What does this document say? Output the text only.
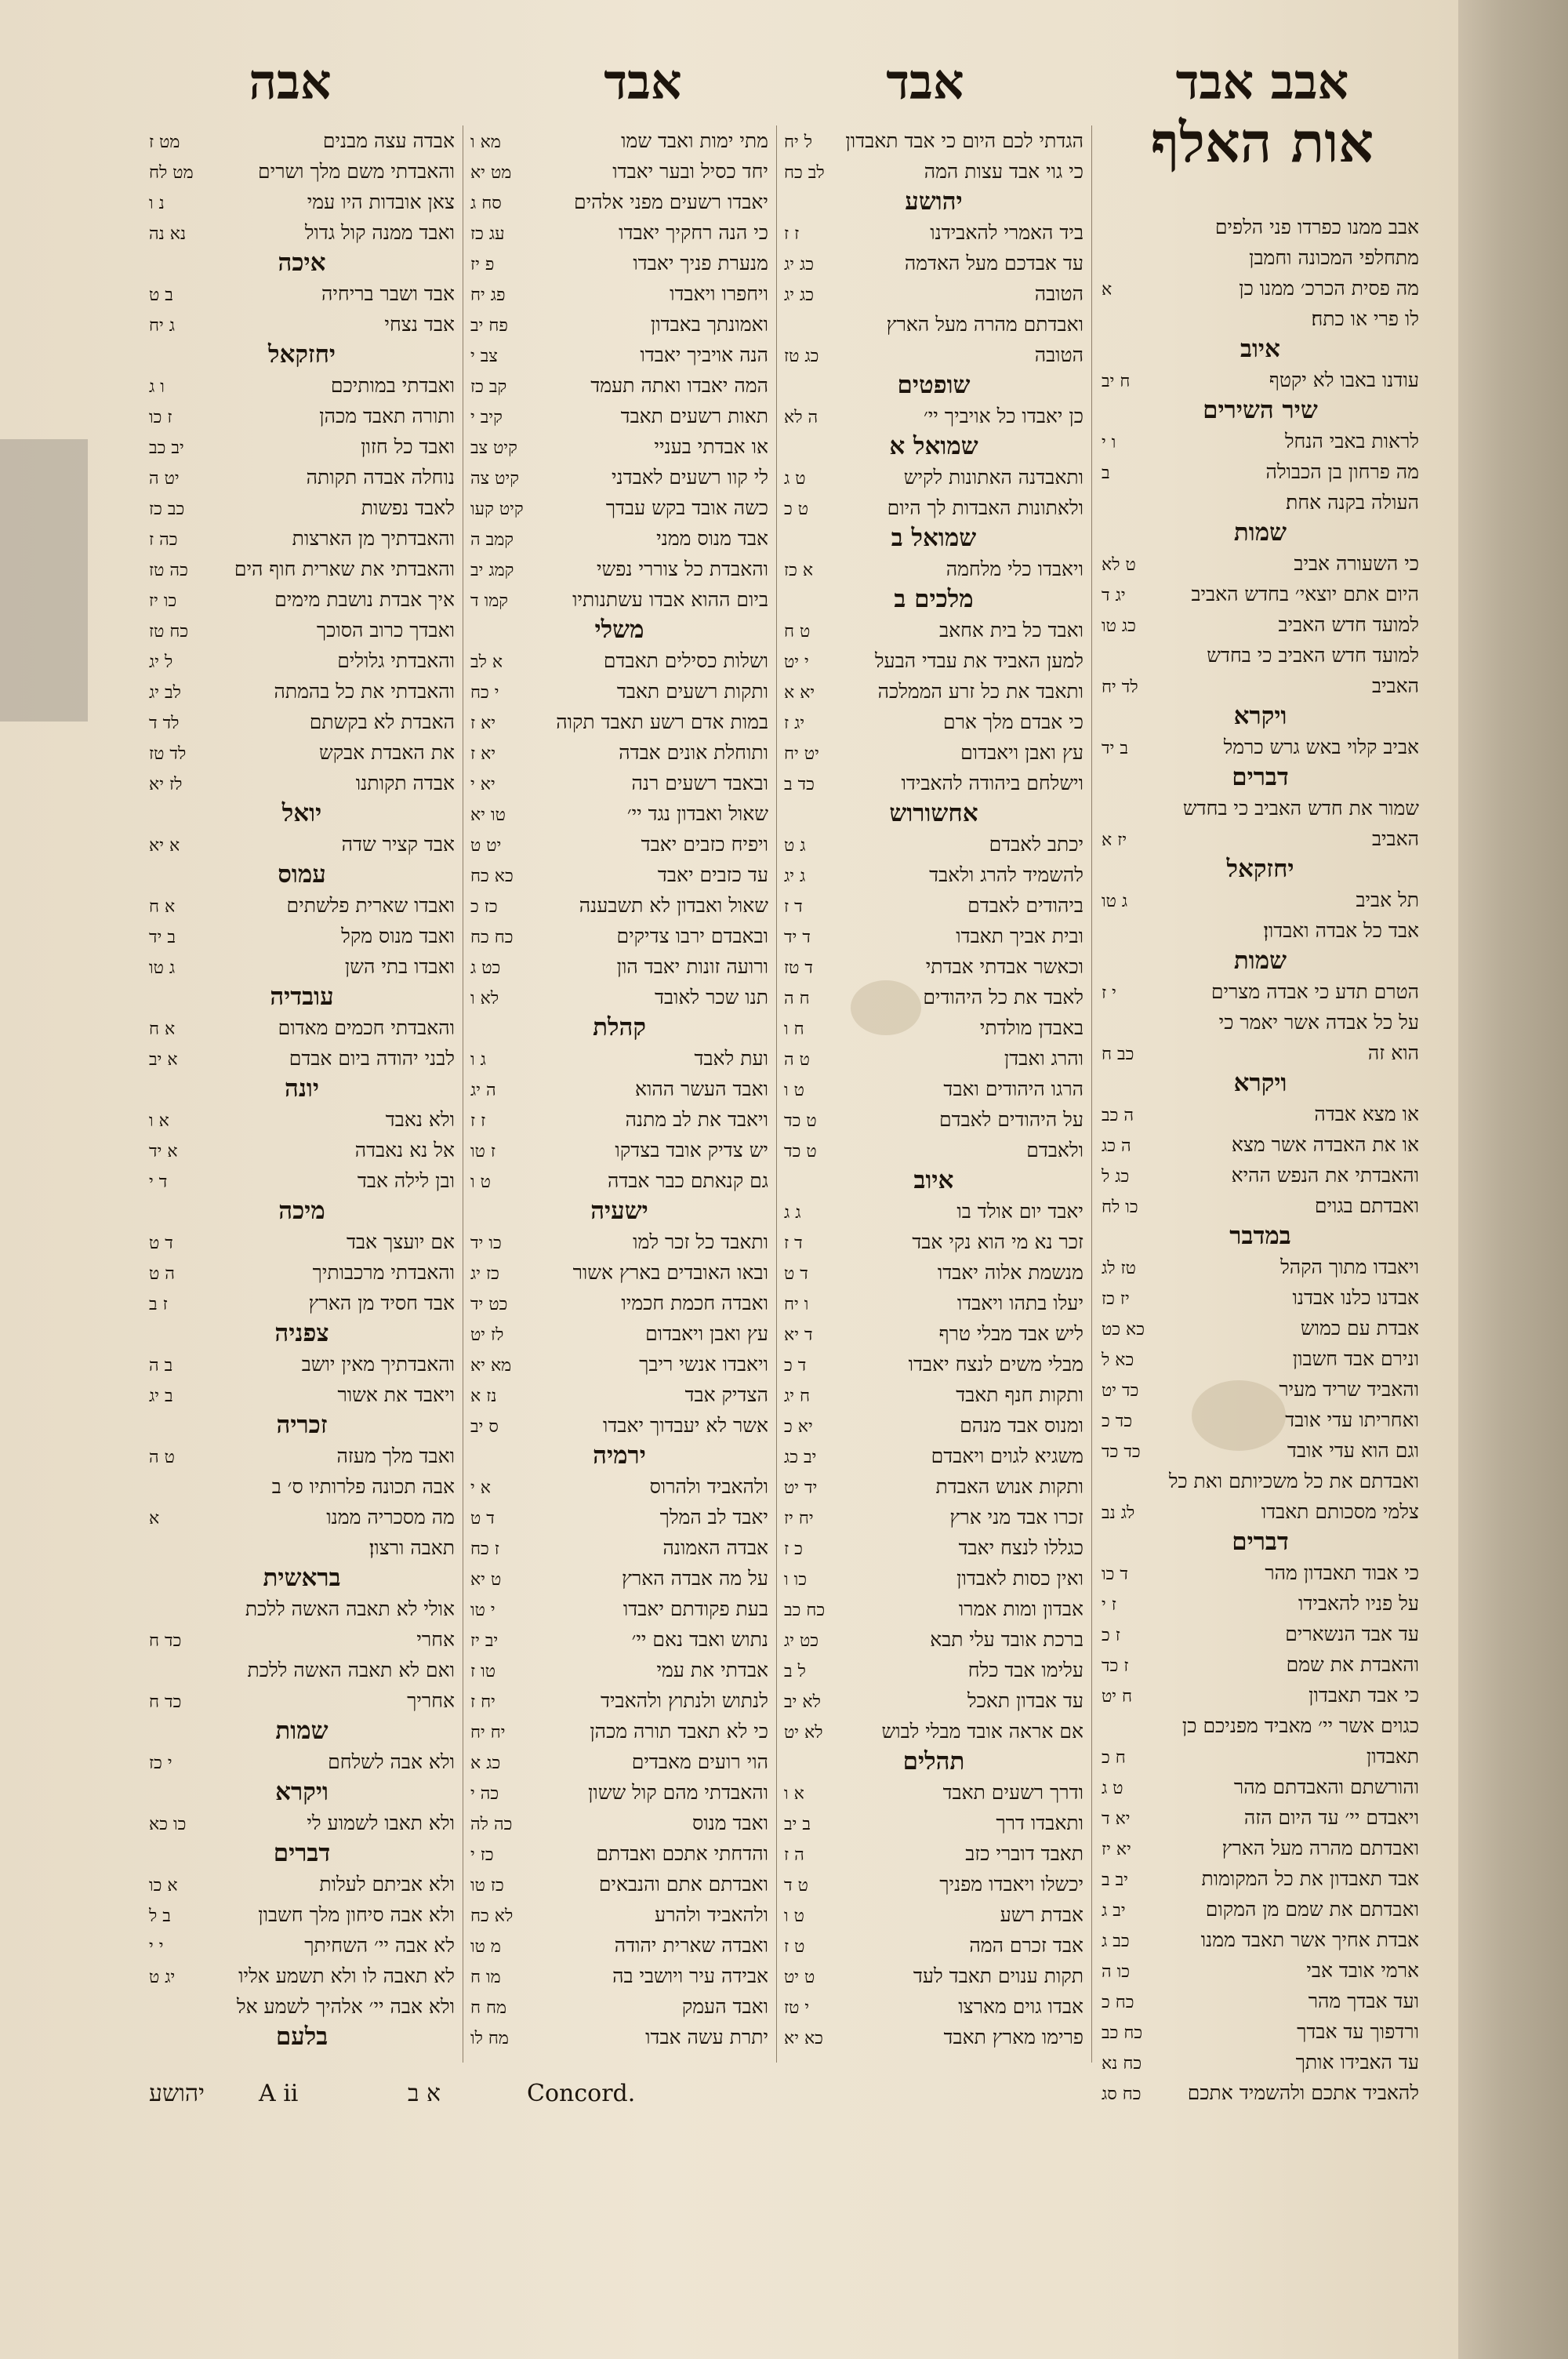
אבב אבד
אבד
אבד
אבה
אות האלף
אבב ממנו כפרדו פני הלפים
מתחלפי המכונה וחמבן
מה פסית הכרכ׳ ממנו כן
א
לו פרי או כתח׃
איוב
עודנו באבו לא יקטף
ח יב
שיר השירים
לראות באבי הנחל
ו י
מה פרחון בן הכבולה
ב
העולה בקנה אחת׃
שמות
כי השעורה אביב
ט לא
היום אתם יוצאי׳ בחדש האביב
יג ד
למועד חדש האביב
כג טו
למועד חדש האביב כי בחדש
האביב
לד יח
ויקרא
אביב קלוי באש גרש כרמל
ב יד
דברים
שמור את חדש האביב כי בחדש
האביב
יז א
יחזקאל
תל אביב
ג טו
אבד כל אבדה ואבדון׃
שמות
הטרם תדע כי אבדה מצרים
י ז
על כל אבדה אשר יאמר כי
הוא זה
כב ח
ויקרא
או מצא אבדה
ה כב
או את האבדה אשר מצא
ה כג
והאבדתי את הנפש ההיא
כג ל
ואבדתם בגוים
כו לח
במדבר
ויאבדו מתוך הקהל
טז לג
אבדנו כלנו אבדנו
יז כז
אבדת עם כמוש
כא כט
ונירם אבד חשבון
כא ל
והאביד שריד מעיר
כד יט
ואחריתו עדי אובד
כד כ
וגם הוא עדי אובד
כד כד
ואבדתם את כל משכיותם ואת כל
צלמי מסכותם תאבדו
לג נב
דברים
כי אבוד תאבדון מהר
ד כו
על פניו להאבידו
ז י
עד אבד הנשארים
ז כ
והאבדת את שמם
ז כד
כי אבד תאבדון
ח יט
כגוים אשר יי׳ מאביד מפניכם כן
תאבדון
ח כ
והורשתם והאבדתם מהר
ט ג
ויאבדם יי׳ עד היום הזה
יא ד
ואבדתם מהרה מעל הארץ
יא יז
אבד תאבדון את כל המקומות
יב ב
ואבדתם את שמם מן המקום
יב ג
אבדת אחיך אשר תאבד ממנו
כב ג
ארמי אובד אבי
כו ה
ועד אבדך מהר
כח כ
ורדפוך עד אבדך
כח כב
עד האבידו אותך
כח נא
להאביד אתכם ולהשמיד אתכם
כח סג
הגדתי לכם היום כי אבד תאבדון
ל יח
כי גוי אבד עצות המה
לב כח
יהושע
ביד האמרי להאבידנו
ז ז
עד אבדכם מעל האדמה
כג יג
הטובה
כג יג
ואבדתם מהרה מעל הארץ
הטובה
כג טז
שופטים
כן יאבדו כל אויביך יי׳
ה לא
שמואל א
ותאבדנה האתונות לקיש
ט ג
ולאתונות האבדות לך היום
ט כ
שמואל ב
ויאבדו כלי מלחמה
א כז
מלכים ב
ואבד כל בית אחאב
ט ח
למען האביד את עבדי הבעל
י יט
ותאבד את כל זרע הממלכה
יא א
כי אבדם מלך ארם
יג ז
עץ ואבן ויאבדום
יט יח
וישלחם ביהודה להאבידו
כד ב
אחשורוש
יכתב לאבדם
ג ט
להשמיד להרג ולאבד
ג יג
ביהודים לאבדם
ד ז
ובית אביך תאבדו
ד יד
וכאשר אבדתי אבדתי
ד טז
לאבד את כל היהודים
ח ה
באבדן מולדתי
ח ו
והרג ואבדן
ט ה
הרגו היהודים ואבד
ט ו
על היהודים לאבדם
ט כד
ולאבדם
ט כד
איוב
יאבד יום אולד בו
ג ג
זכר נא מי הוא נקי אבד
ד ז
מנשמת אלוה יאבדו
ד ט
יעלו בתהו ויאבדו
ו יח
ליש אבד מבלי טרף
ד יא
מבלי משים לנצח יאבדו
ד כ
ותקות חנף תאבד
ח יג
ומנוס אבד מנהם
יא כ
משגיא לגוים ויאבדם
יב כג
ותקות אנוש האבדת
יד יט
זכרו אבד מני ארץ
יח יז
כגללו לנצח יאבד
כ ז
ואין כסות לאבדון
כו ו
אבדון ומות אמרו
כח כב
ברכת אובד עלי תבא
כט יג
עלימו אבד כלח
ל ב
עד אבדון תאכל
לא יב
אם אראה אובד מבלי לבוש
לא יט
תהלים
ודרך רשעים תאבד
א ו
ותאבדו דרך
ב יב
תאבד דוברי כזב
ה ז
יכשלו ויאבדו מפניך
ט ד
אבדת רשע
ט ו
אבד זכרם המה
ט ז
תקות ענוים תאבד לעד
ט יט
אבדו גוים מארצו
י טז
פרימו מארץ תאבד
כא יא
מתי ימות ואבד שמו
מא ו
יחד כסיל ובער יאבדו
מט יא
יאבדו רשעים מפני אלהים
סח ג
כי הנה רחקיך יאבדו
עג כז
מנערת פניך יאבדו
פ יז
ויחפרו ויאבדו
פג יח
ואמונתך באבדון
פח יב
הנה אויביך יאבדו
צב י
המה יאבדו ואתה תעמד
קב כז
תאות רשעים תאבד
קיב י
או אבדתי בעניי
קיט צב
לי קוו רשעים לאבדני
קיט צה
כשה אובד בקש עבדך
קיט קעו
אבד מנוס ממני
קמב ה
והאבדת כל צוררי נפשי
קמג יב
ביום ההוא אבדו עשתנותיו
קמו ד
משלי
ושלות כסילים תאבדם
א לב
ותקות רשעים תאבד
י כח
במות אדם רשע תאבד תקוה
יא ז
ותוחלת אונים אבדה
יא ז
ובאבד רשעים רנה
יא י
שאול ואבדון נגד יי׳
טו יא
ויפיח כזבים יאבד
יט ט
עד כזבים יאבד
כא כח
שאול ואבדון לא תשבענה
כז כ
ובאבדם ירבו צדיקים
כח כח
ורועה זונות יאבד הון
כט ג
תנו שכר לאובד
לא ו
קהלת
ועת לאבד
ג ו
ואבד העשר ההוא
ה יג
ויאבד את לב מתנה
ז ז
יש צדיק אובד בצדקו
ז טו
גם קנאתם כבר אבדה
ט ו
ישעיה
ותאבד כל זכר למו
כו יד
ובאו האובדים בארץ אשור
כז יג
ואבדה חכמת חכמיו
כט יד
עץ ואבן ויאבדום
לז יט
ויאבדו אנשי ריבך
מא יא
הצדיק אבד
נז א
אשר לא יעבדוך יאבדו
ס יב
ירמיה
ולהאביד ולהרוס
א י
יאבד לב המלך
ד ט
אבדה האמונה
ז כח
על מה אבדה הארץ
ט יא
בעת פקודתם יאבדו
י טו
נתוש ואבד נאם יי׳
יב יז
אבדתי את עמי
טו ז
לנתוש ולנתוץ ולהאביד
יח ז
כי לא תאבד תורה מכהן
יח יח
הוי רועים מאבדים
כג א
והאבדתי מהם קול ששון
כה י
ואבד מנוס
כה לה
והדחתי אתכם ואבדתם
כז י
ואבדתם אתם והנבאים
כז טו
ולהאביד ולהרע
לא כח
ואבדה שארית יהודה
מ טו
אבידה עיר ויושבי בה
מו ח
ואבד העמק
מח ח
יתרת עשה אבדו
מח לו
אבדה עצה מבנים
מט ז
והאבדתי משם מלך ושרים
מט לח
צאן אובדות היו עמי
נ ו
ואבד ממנה קול גדול
נא נה
איכה
אבד ושבר בריחיה
ב ט
אבד נצחי
ג יח
יחזקאל
ואבדתי במותיכם
ו ג
ותורה תאבד מכהן
ז כו
ואבד כל חזון
יב כב
נוחלה אבדה תקותה
יט ה
לאבד נפשות
כב כז
והאבדתיך מן הארצות
כה ז
והאבדתי את שארית חוף הים
כה טז
איך אבדת נושבת מימים
כו יז
ואבדך כרוב הסוכך
כח טז
והאבדתי גלולים
ל יג
והאבדתי את כל בהמתה
לב יג
האבדת לא בקשתם
לד ד
את האבדת אבקש
לד טז
אבדה תקותנו
לז יא
יואל
אבד קציר שדה
א יא
עמוס
ואבדו שארית פלשתים
א ח
ואבד מנוס מקל
ב יד
ואבדו בתי השן
ג טו
עובדיה
והאבדתי חכמים מאדום
א ח
לבני יהודה ביום אבדם
א יב
יונה
ולא נאבד
א ו
אל נא נאבדה
א יד
ובן לילה אבד
ד י
מיכה
אם יועצך אבד
ד ט
והאבדתי מרכבותיך
ה ט
אבד חסיד מן הארץ
ז ב
צפניה
והאבדתיך מאין יושב
ב ה
ויאבד את אשור
ב יג
זכריה
ואבד מלך מעזה
ט ה
אבה תכונה פלרותיו ס׳ ב
מה מסכריה ממנו
א
תאבה ורצון׃
בראשית
אולי לא תאבה האשה ללכת
אחרי
כד ח
ואם לא תאבה האשה ללכת
אחריך
כד ח
שמות
ולא אבה לשלחם
י כז
ויקרא
ולא תאבו לשמוע לי
כו כא
דברים
ולא אביתם לעלות
א כו
ולא אבה סיחון מלך חשבון
ב ל
לא אבה יי׳ השחיתך
י י
לא תאבה לו ולא תשמע אליו
יג ט
ולא אבה יי׳ אלהיך לשמע אל
בלעם
יהושע A ii	א ב	Concord.
